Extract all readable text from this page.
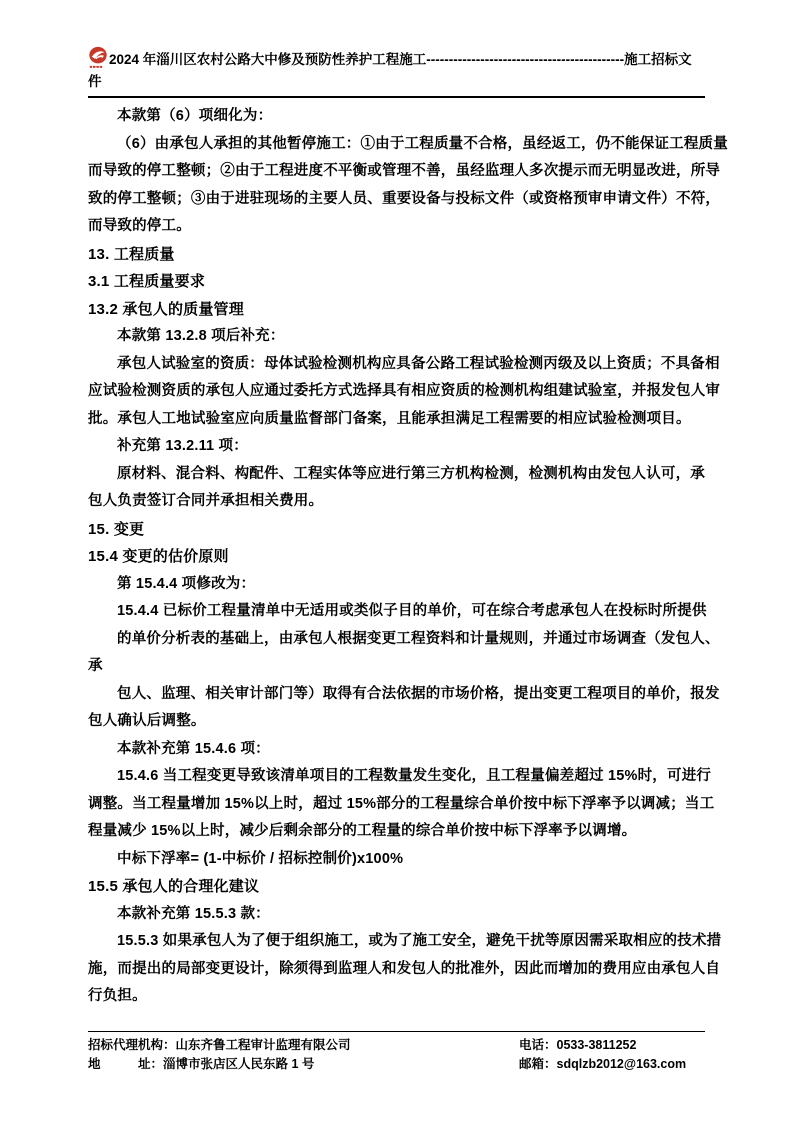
2024 年淄川区农村公路大中修及预防性养护工程施工--------------------------------------------施工招标文件
本款第（6）项细化为：
（6）由承包人承担的其他暂停施工：①由于工程质量不合格，虽经返工，仍不能保证工程质量
而导致的停工整顿；②由于工程进度不平衡或管理不善，虽经监理人多次提示而无明显改进，所导
致的停工整顿；③由于进驻现场的主要人员、重要设备与投标文件（或资格预审申请文件）不符，
而导致的停工。
13. 工程质量
3.1 工程质量要求
13.2 承包人的质量管理
本款第 13.2.8 项后补充：
承包人试验室的资质：母体试验检测机构应具备公路工程试验检测丙级及以上资质；不具备相
应试验检测资质的承包人应通过委托方式选择具有相应资质的检测机构组建试验室，并报发包人审
批。承包人工地试验室应向质量监督部门备案，且能承担满足工程需要的相应试验检测项目。
补充第 13.2.11 项：
原材料、混合料、构配件、工程实体等应进行第三方机构检测，检测机构由发包人认可，承
包人负责签订合同并承担相关费用。
15. 变更
15.4 变更的估价原则
第 15.4.4 项修改为：
15.4.4 已标价工程量清单中无适用或类似子目的单价，可在综合考虑承包人在投标时所提供
的单价分析表的基础上，由承包人根据变更工程资料和计量规则，并通过市场调查（发包人、
承
包人、监理、相关审计部门等）取得有合法依据的市场价格，提出变更工程项目的单价，报发
包人确认后调整。
本款补充第 15.4.6 项：
15.4.6 当工程变更导致该清单项目的工程数量发生变化，且工程量偏差超过 15%时，可进行
调整。当工程量增加 15%以上时，超过 15%部分的工程量综合单价按中标下浮率予以调减；当工
程量减少 15%以上时，减少后剩余部分的工程量的综合单价按中标下浮率予以调增。
中标下浮率= (1-中标价 / 招标控制价)x100%
15.5 承包人的合理化建议
本款补充第 15.5.3 款：
15.5.3 如果承包人为了便于组织施工，或为了施工安全，避免干扰等原因需采取相应的技术措
施，而提出的局部变更设计，除须得到监理人和发包人的批准外，因此而增加的费用应由承包人自
行负担。
招标代理机构：山东齐鲁工程审计监理有限公司	电话：0533-3811252
地　　　址：淄博市张店区人民东路 1 号	邮箱：sdqlzb2012@163.com
